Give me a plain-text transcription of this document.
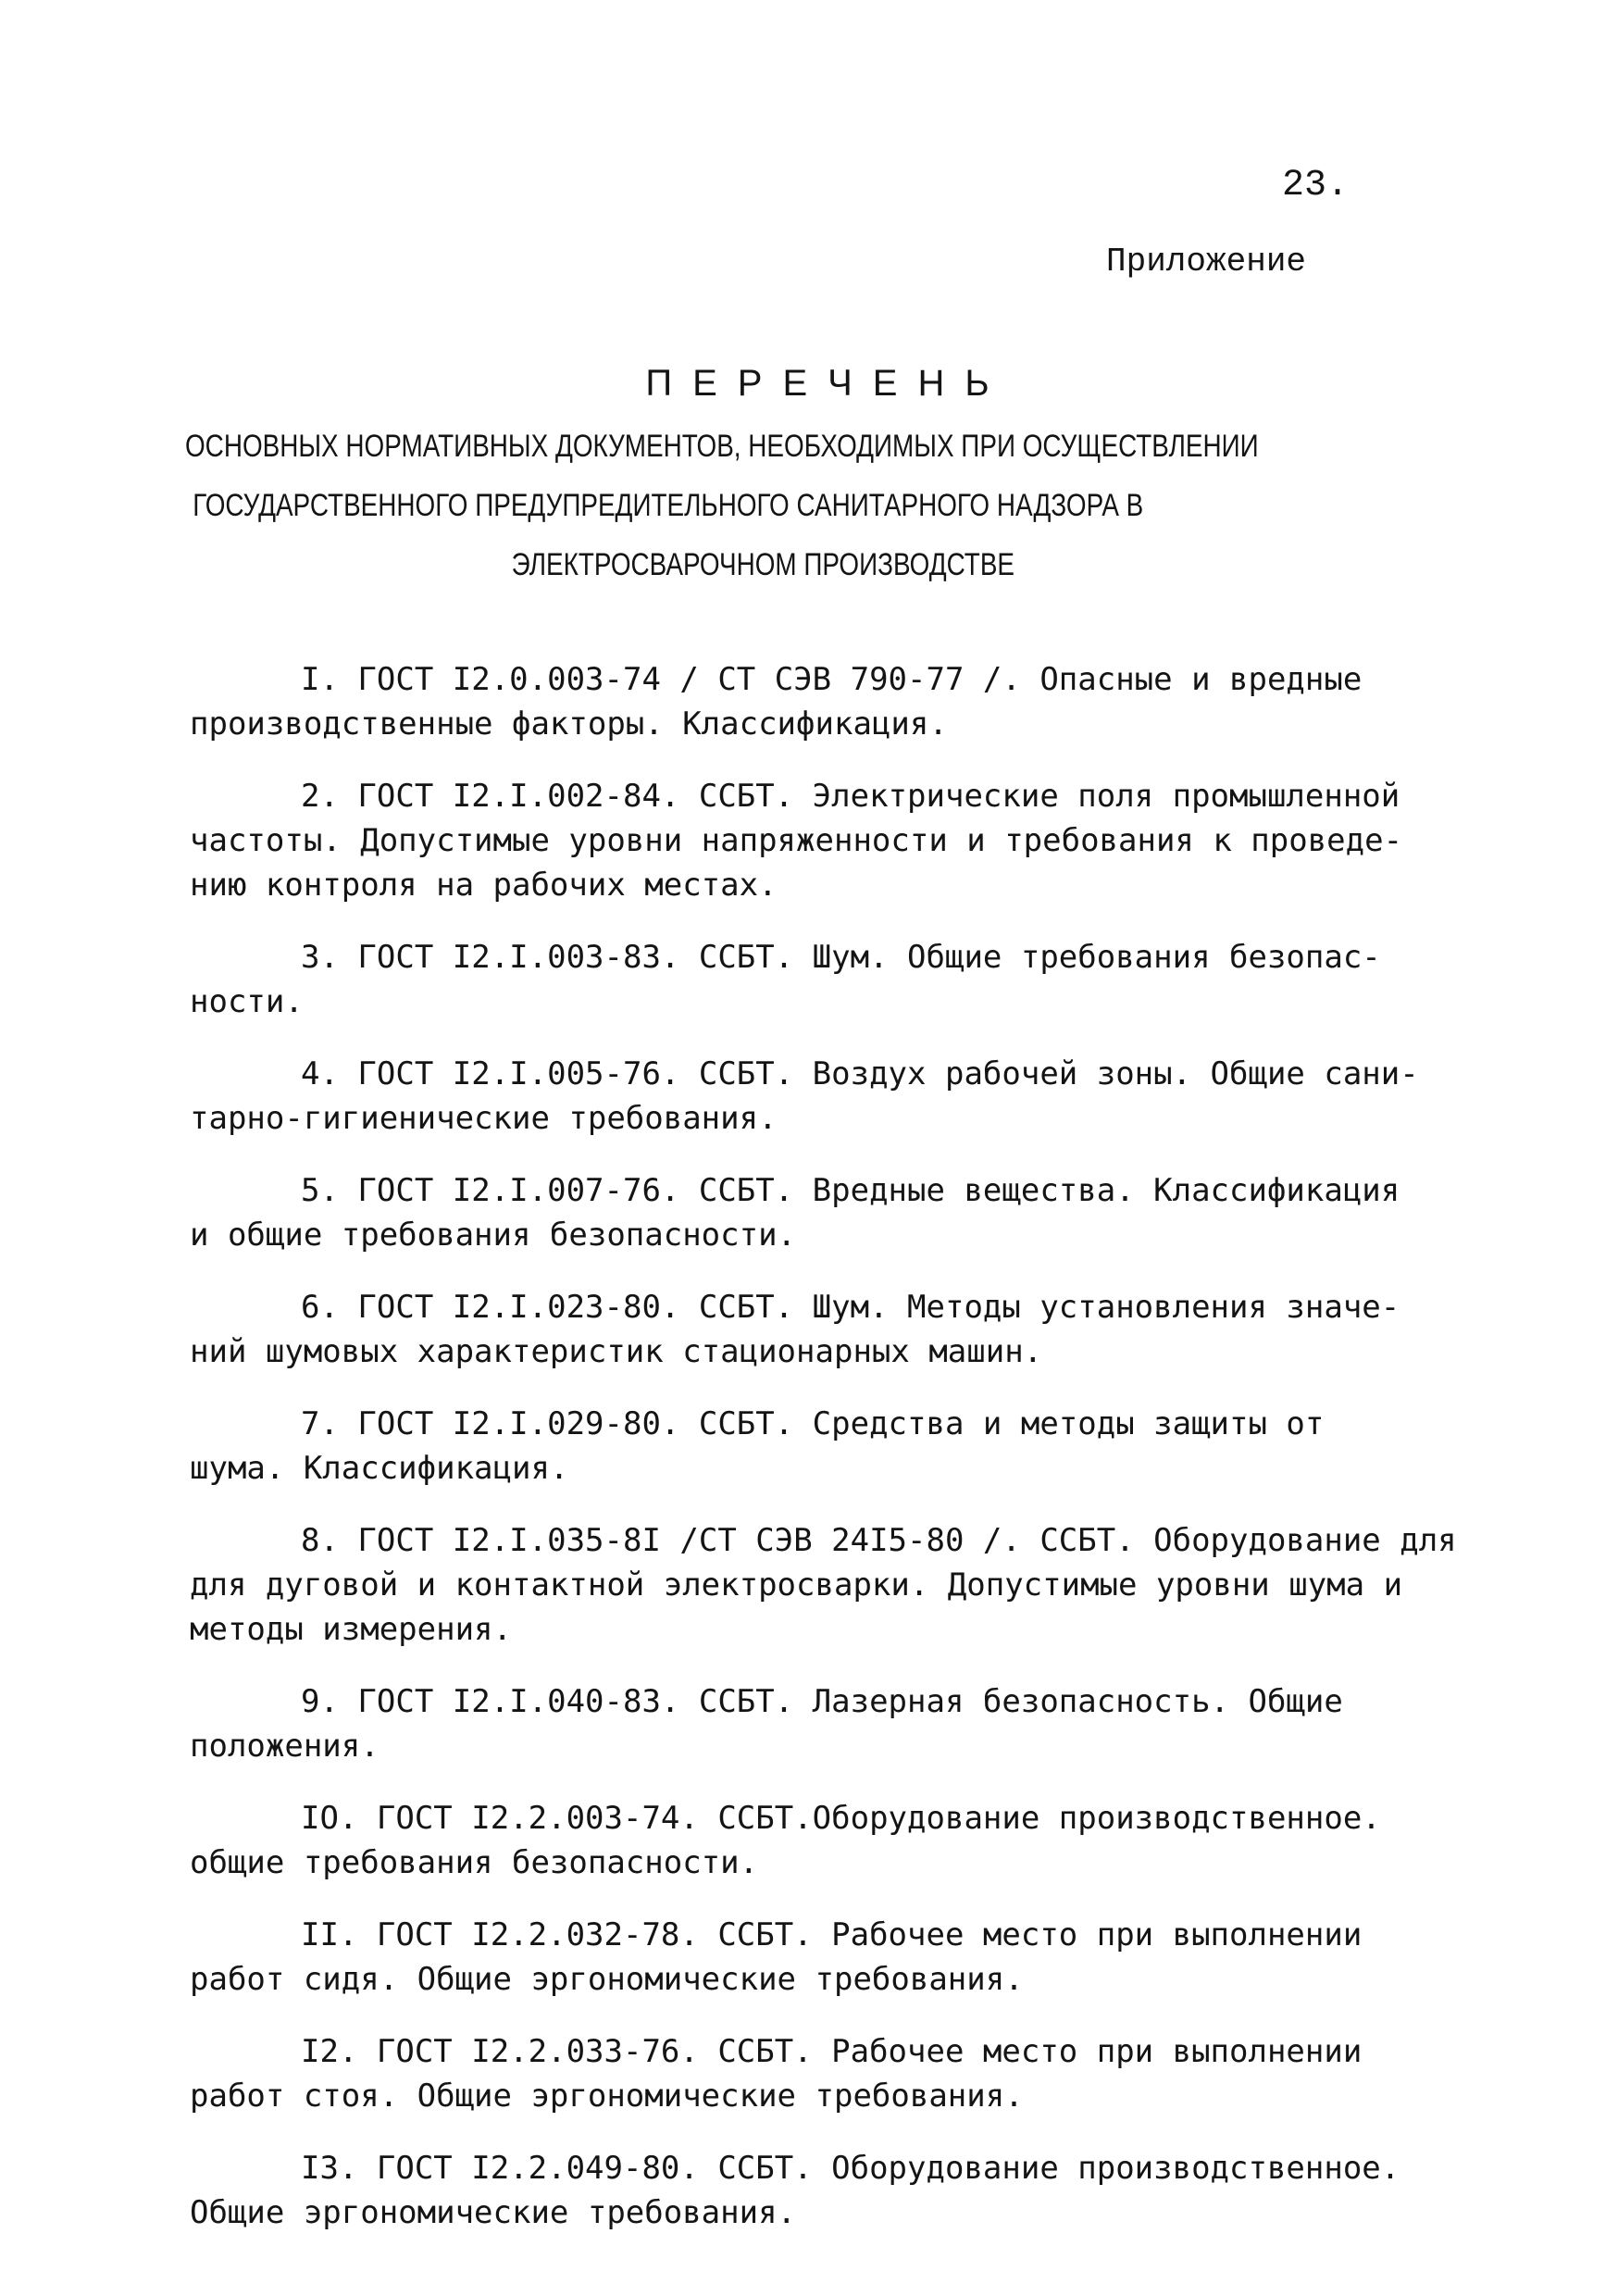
23.
Приложение
ПЕРЕЧЕНЬ
ОСНОВНЫХ НОРМАТИВНЫХ ДОКУМЕНТОВ, НЕОБХОДИМЫХ ПРИ ОСУЩЕСТВЛЕНИИ
ГОСУДАРСТВЕННОГО ПРЕДУПРЕДИТЕЛЬНОГО САНИТАРНОГО НАДЗОРА В
ЭЛЕКТРОСВАРОЧНОМ ПРОИЗВОДСТВЕ
I. ГОСТ I2.0.003-74 / СТ СЭВ 790-77 /. Опасные и вредные
производственные факторы. Классификация.
2. ГОСТ I2.I.002-84. ССБТ. Электрические поля промышленной
частоты. Допустимые уровни напряженности и требования к проведе-
нию контроля на рабочих местах.
3. ГОСТ I2.I.003-83. ССБТ. Шум. Общие требования безопас-
ности.
4. ГОСТ I2.I.005-76. ССБТ. Воздух рабочей зоны. Общие сани-
тарно-гигиенические требования.
5. ГОСТ I2.I.007-76. ССБТ. Вредные вещества. Классификация
и общие требования безопасности.
6. ГОСТ I2.I.023-80. ССБТ. Шум. Методы установления значе-
ний шумовых характеристик стационарных машин.
7. ГОСТ I2.I.029-80. ССБТ. Средства и методы защиты от
шума. Классификация.
8. ГОСТ I2.I.035-8I /СТ СЭВ 24I5-80 /. ССБТ. Оборудование для
для дуговой и контактной электросварки. Допустимые уровни шума и
методы измерения.
9. ГОСТ I2.I.040-83. ССБТ. Лазерная безопасность. Общие
положения.
IO. ГОСТ I2.2.003-74. ССБТ.Оборудование производственное.
общие требования безопасности.
II. ГОСТ I2.2.032-78. ССБТ. Рабочее место при выполнении
работ сидя. Общие эргономические требования.
I2. ГОСТ I2.2.033-76. ССБТ. Рабочее место при выполнении
работ стоя. Общие эргономические требования.
I3. ГОСТ I2.2.049-80. ССБТ. Оборудование производственное.
Общие эргономические требования.
